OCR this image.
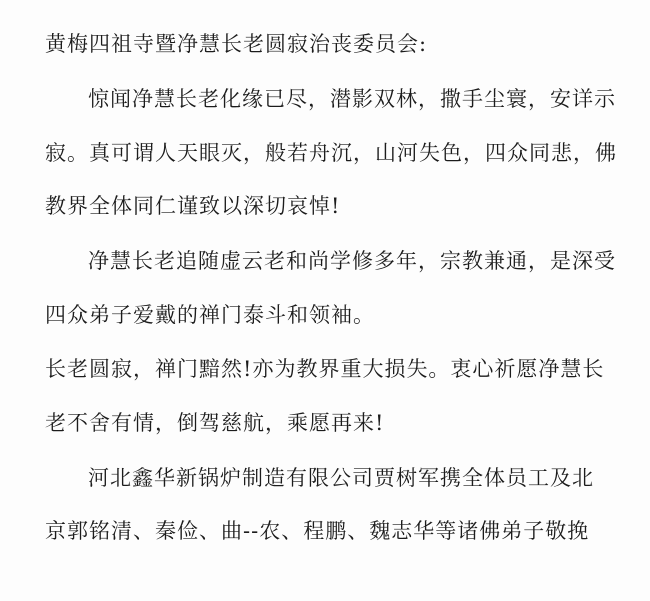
黄梅四祖寺暨净慧长老圆寂治丧委员会:
惊闻净慧长老化缘已尽，潜影双林，撒手尘寰，安详示
寂。真可谓人天眼灭，般若舟沉，山河失色，四众同悲，佛
教界全体同仁谨致以深切哀悼!
净慧长老追随虚云老和尚学修多年，宗教兼通，是深受
四众弟子爱戴的禅门泰斗和领袖。
长老圆寂，禅门黯然!亦为教界重大损失。衷心祈愿净慧长
老不舍有情，倒驾慈航，乘愿再来!
河北鑫华新锅炉制造有限公司贾树军携全体员工及北
京郭铭清、秦俭、曲--农、程鹏、魏志华等诸佛弟子敬挽
